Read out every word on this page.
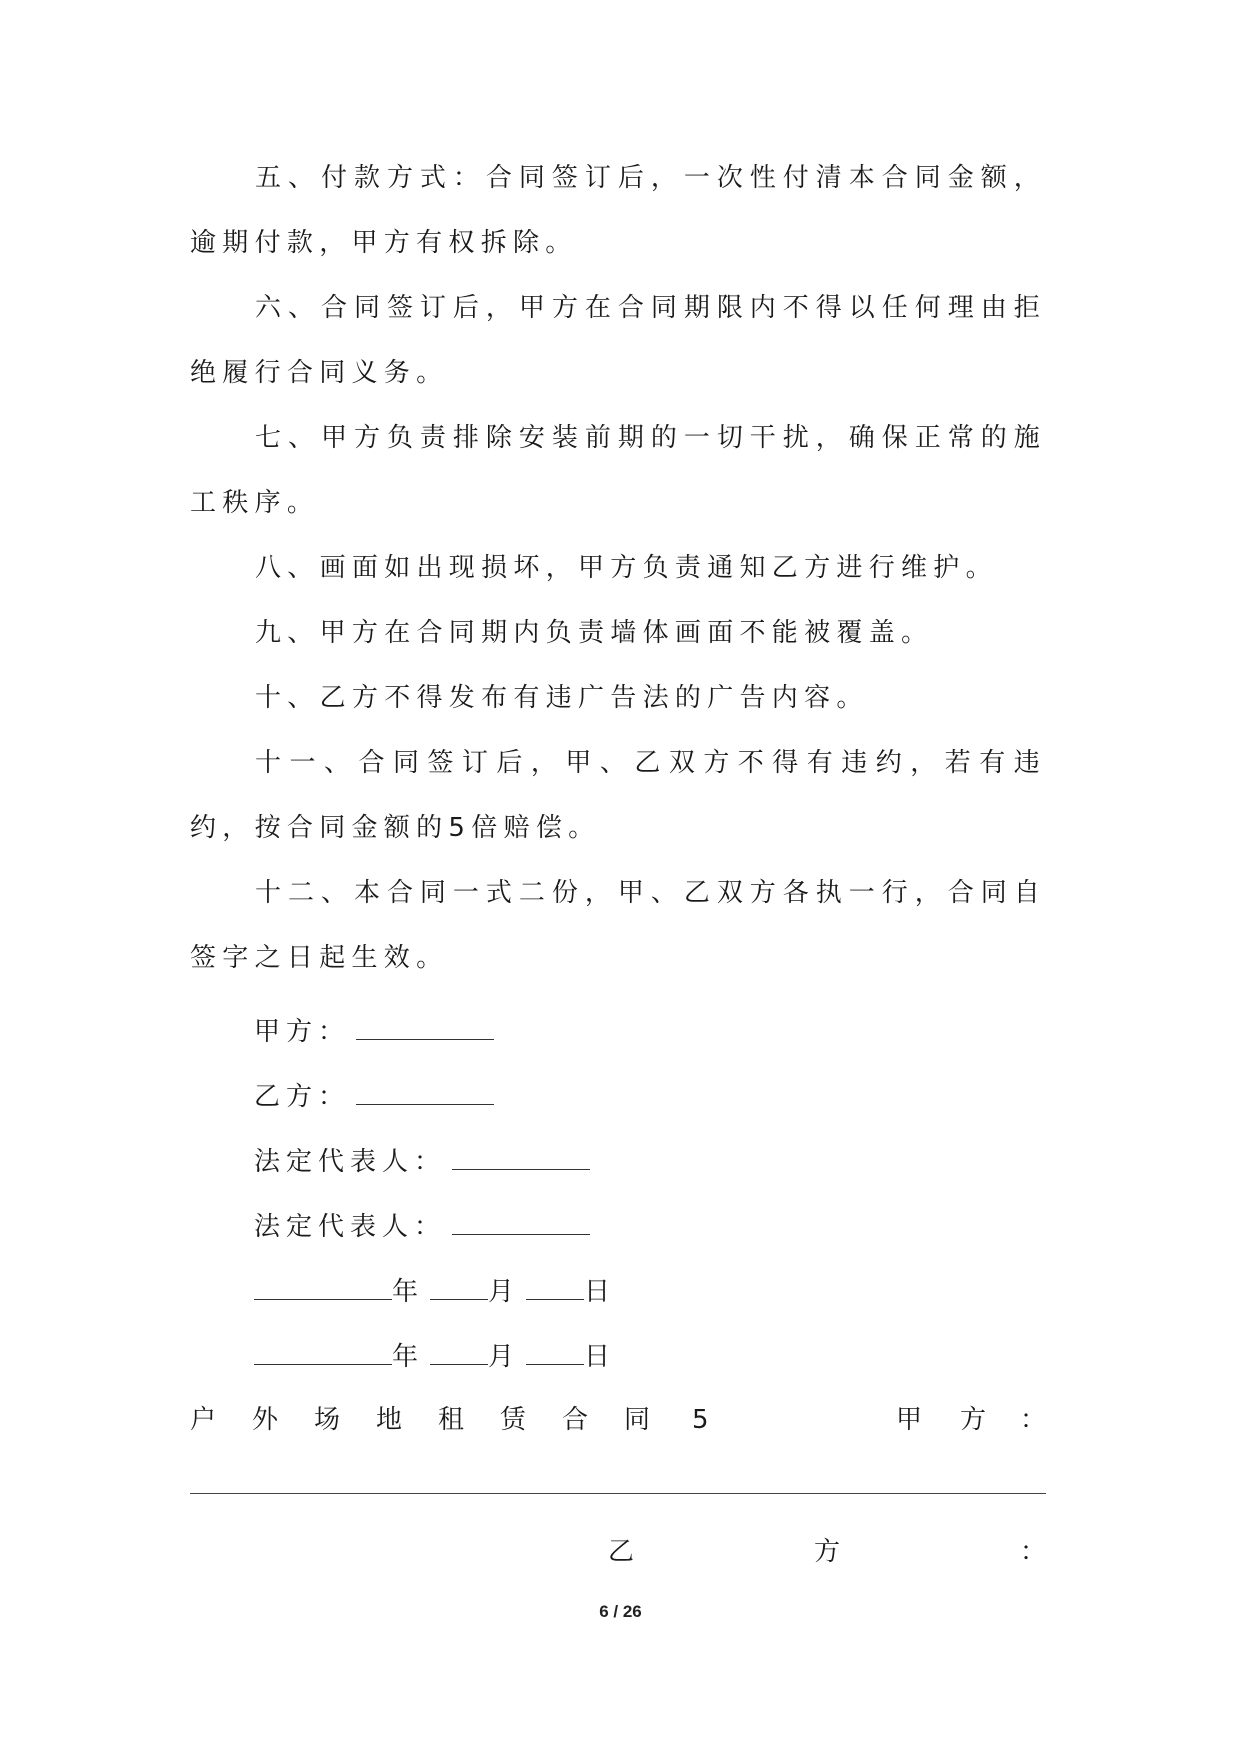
五、付款方式：合同签订后，一次性付清本合同金额，逾期付款，甲方有权拆除。

六、合同签订后，甲方在合同期限内不得以任何理由拒绝履行合同义务。

七、甲方负责排除安装前期的一切干扰，确保正常的施工秩序。

八、画面如出现损坏，甲方负责通知乙方进行维护。

九、甲方在合同期内负责墙体画面不能被覆盖。

十、乙方不得发布有违广告法的广告内容。

十一、合同签订后，甲、乙双方不得有违约，若有违约，按合同金额的5倍赔偿。

十二、本合同一式二份，甲、乙双方各执一行，合同自签字之日起生效。

甲方：
乙方：
法定代表人：
法定代表人：
年 月 日
年 月 日
户 外 场 地 租 赁 合 同 5	甲 方 ：
乙	方	：
6 / 26
